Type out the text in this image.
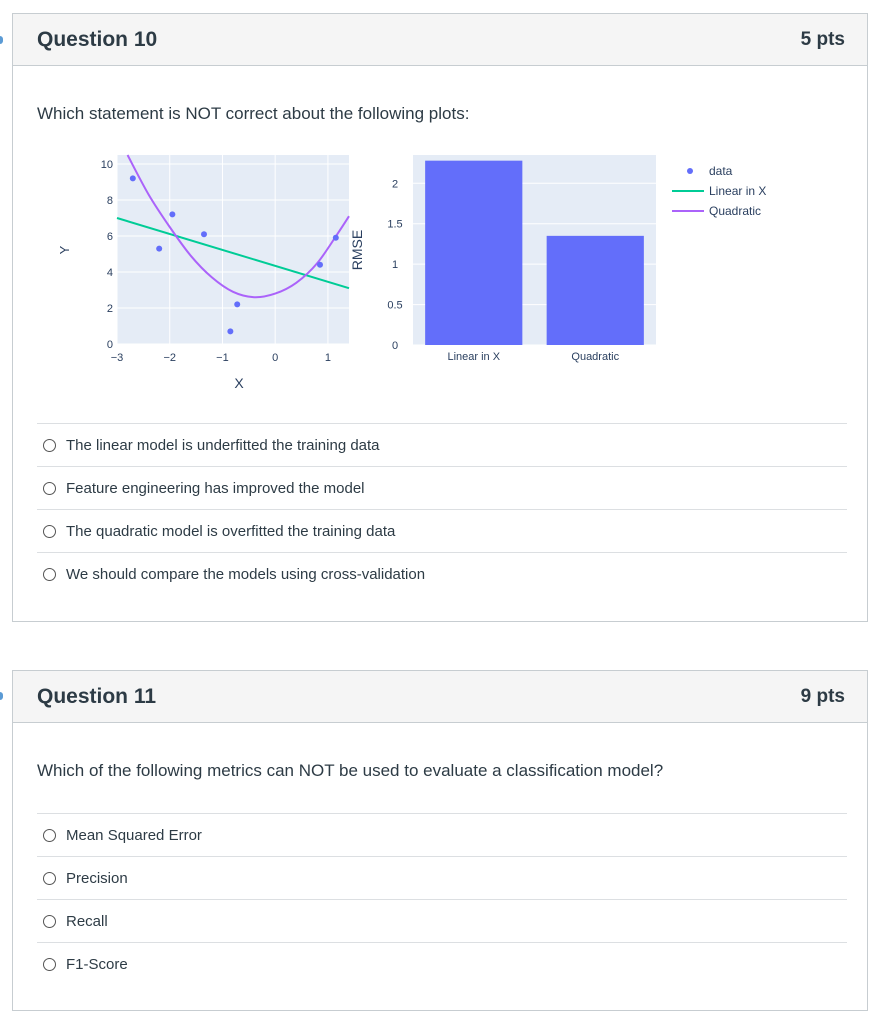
Question 10	5 pts
Which statement is NOT correct about the following plots:
−3	−2	−1	0	1
0
2
4
6
8
10
X
Y
Linear in X	Quadratic
0
0.5
1
1.5
2
RMSE
data
Linear in X
Quadratic
The linear model is underfitted the training data
Feature engineering has improved the model
The quadratic model is overfitted the training data
We should compare the models using cross-validation
Question 11	9 pts
Which of the following metrics can NOT be used to evaluate a classification model?
Mean Squared Error
Precision
Recall
F1-Score
